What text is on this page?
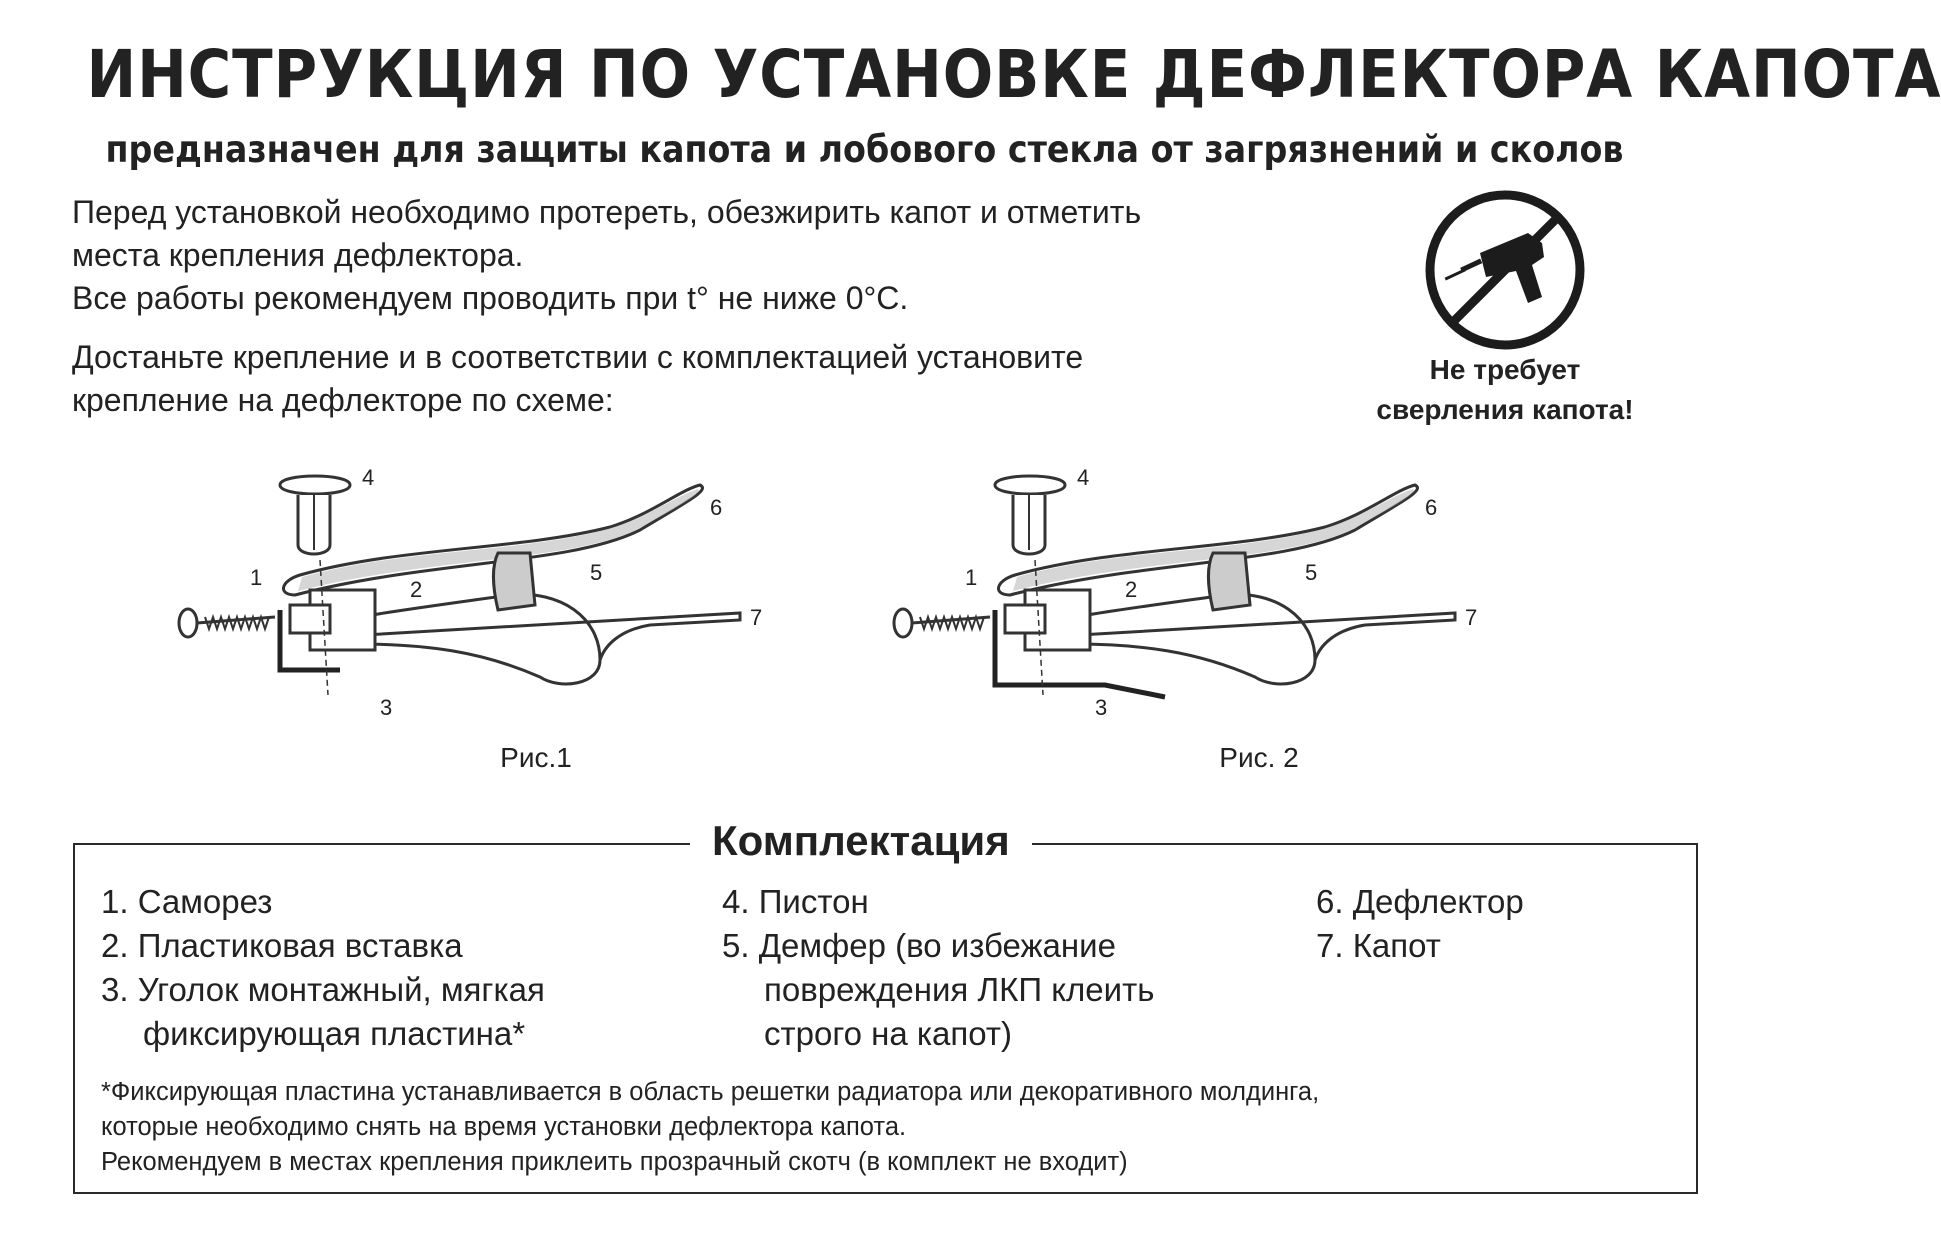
ИНСТРУКЦИЯ ПО УСТАНОВКЕ ДЕФЛЕКТОРА КАПОТА
предназначен для защиты капота и лобового стекла от загрязнений и сколов

Перед установкой необходимо протереть, обезжирить капот и отметить

места крепления дефлектора.

Все работы рекомендуем проводить при t° не ниже 0°С.

Достаньте крепление и в соответствии с комплектацией установите

крепление на дефлекторе по схеме:

Не требует
сверления капота!
4
6
1	2
5
7
3
Рис.1
4
6
1	2
5
7
3
Рис. 2
Комплектация
1. Саморез
2. Пластиковая вставка
3. Уголок монтажный, мягкая
фиксирующая пластина*
4. Пистон
5. Демфер (во избежание
повреждения ЛКП клеить
строго на капот)
6. Дефлектор
7. Капот

*Фиксирующая пластина устанавливается в область решетки радиатора или декоративного молдинга,

которые необходимо снять на время установки дефлектора капота.

Рекомендуем в местах крепления приклеить прозрачный скотч (в комплект не входит)
